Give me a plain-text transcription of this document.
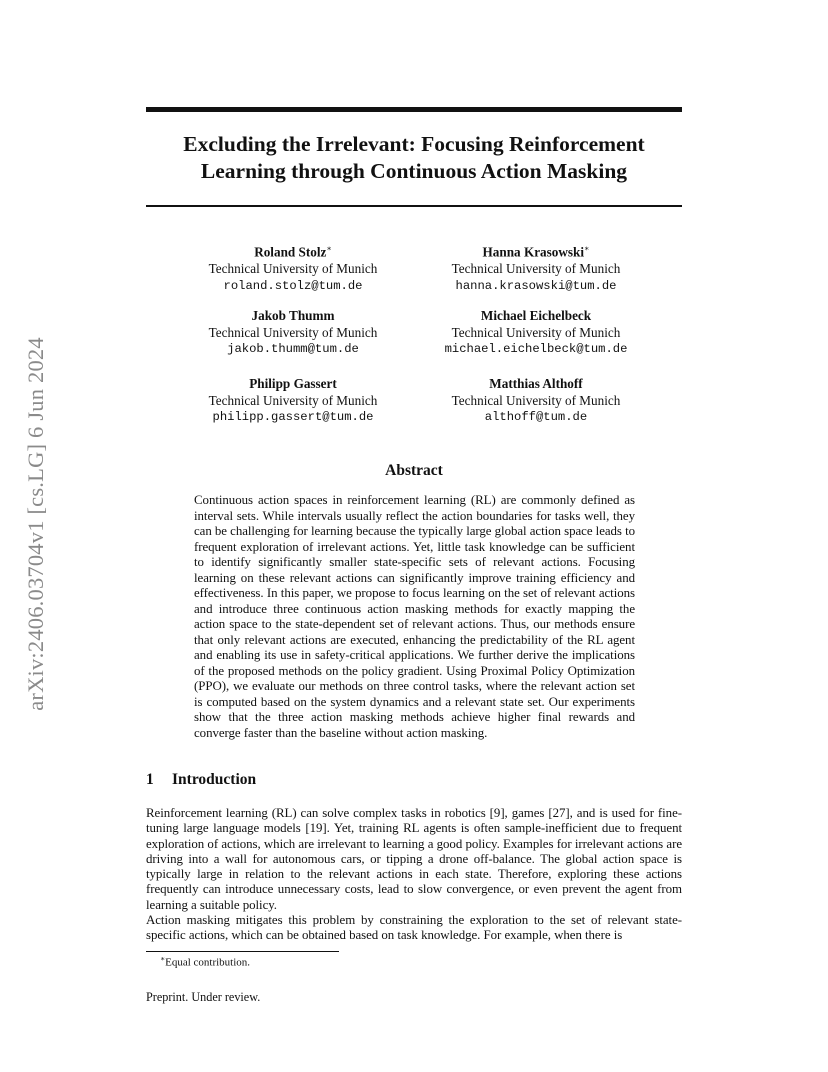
arXiv:2406.03704v1 [cs.LG] 6 Jun 2024
Excluding the Irrelevant: Focusing Reinforcement
Learning through Continuous Action Masking
Roland Stolz∗
Technical University of Munich
roland.stolz@tum.de
Hanna Krasowski∗
Technical University of Munich
hanna.krasowski@tum.de
Jakob Thumm
Technical University of Munich
jakob.thumm@tum.de
Michael Eichelbeck
Technical University of Munich
michael.eichelbeck@tum.de
Philipp Gassert
Technical University of Munich
philipp.gassert@tum.de
Matthias Althoff
Technical University of Munich
althoff@tum.de
Abstract
Continuous action spaces in reinforcement learning (RL) are commonly defined as interval sets. While intervals usually reflect the action boundaries for tasks well, they can be challenging for learning because the typically large global action space leads to frequent exploration of irrelevant actions. Yet, little task knowledge can be sufficient to identify significantly smaller state-specific sets of relevant actions. Focusing learning on these relevant actions can significantly improve training efficiency and effectiveness. In this paper, we propose to focus learning on the set of relevant actions and introduce three continuous action masking methods for exactly mapping the action space to the state-dependent set of relevant actions. Thus, our methods ensure that only relevant actions are executed, enhancing the predictability of the RL agent and enabling its use in safety-critical applications. We further derive the implications of the proposed methods on the policy gradient. Using Proximal Policy Optimization (PPO), we evaluate our methods on three control tasks, where the relevant action set is computed based on the system dynamics and a relevant state set. Our experiments show that the three action masking methods achieve higher final rewards and converge faster than the baseline without action masking.
1 Introduction
Reinforcement learning (RL) can solve complex tasks in robotics [9], games [27], and is used for fine-tuning large language models [19]. Yet, training RL agents is often sample-inefficient due to frequent exploration of actions, which are irrelevant to learning a good policy. Examples for irrelevant actions are driving into a wall for autonomous cars, or tipping a drone off-balance. The global action space is typically large in relation to the relevant actions in each state. Therefore, exploring these actions frequently can introduce unnecessary costs, lead to slow convergence, or even prevent the agent from learning a suitable policy.
Action masking mitigates this problem by constraining the exploration to the set of relevant state-specific actions, which can be obtained based on task knowledge. For example, when there is
∗Equal contribution.
Preprint. Under review.
